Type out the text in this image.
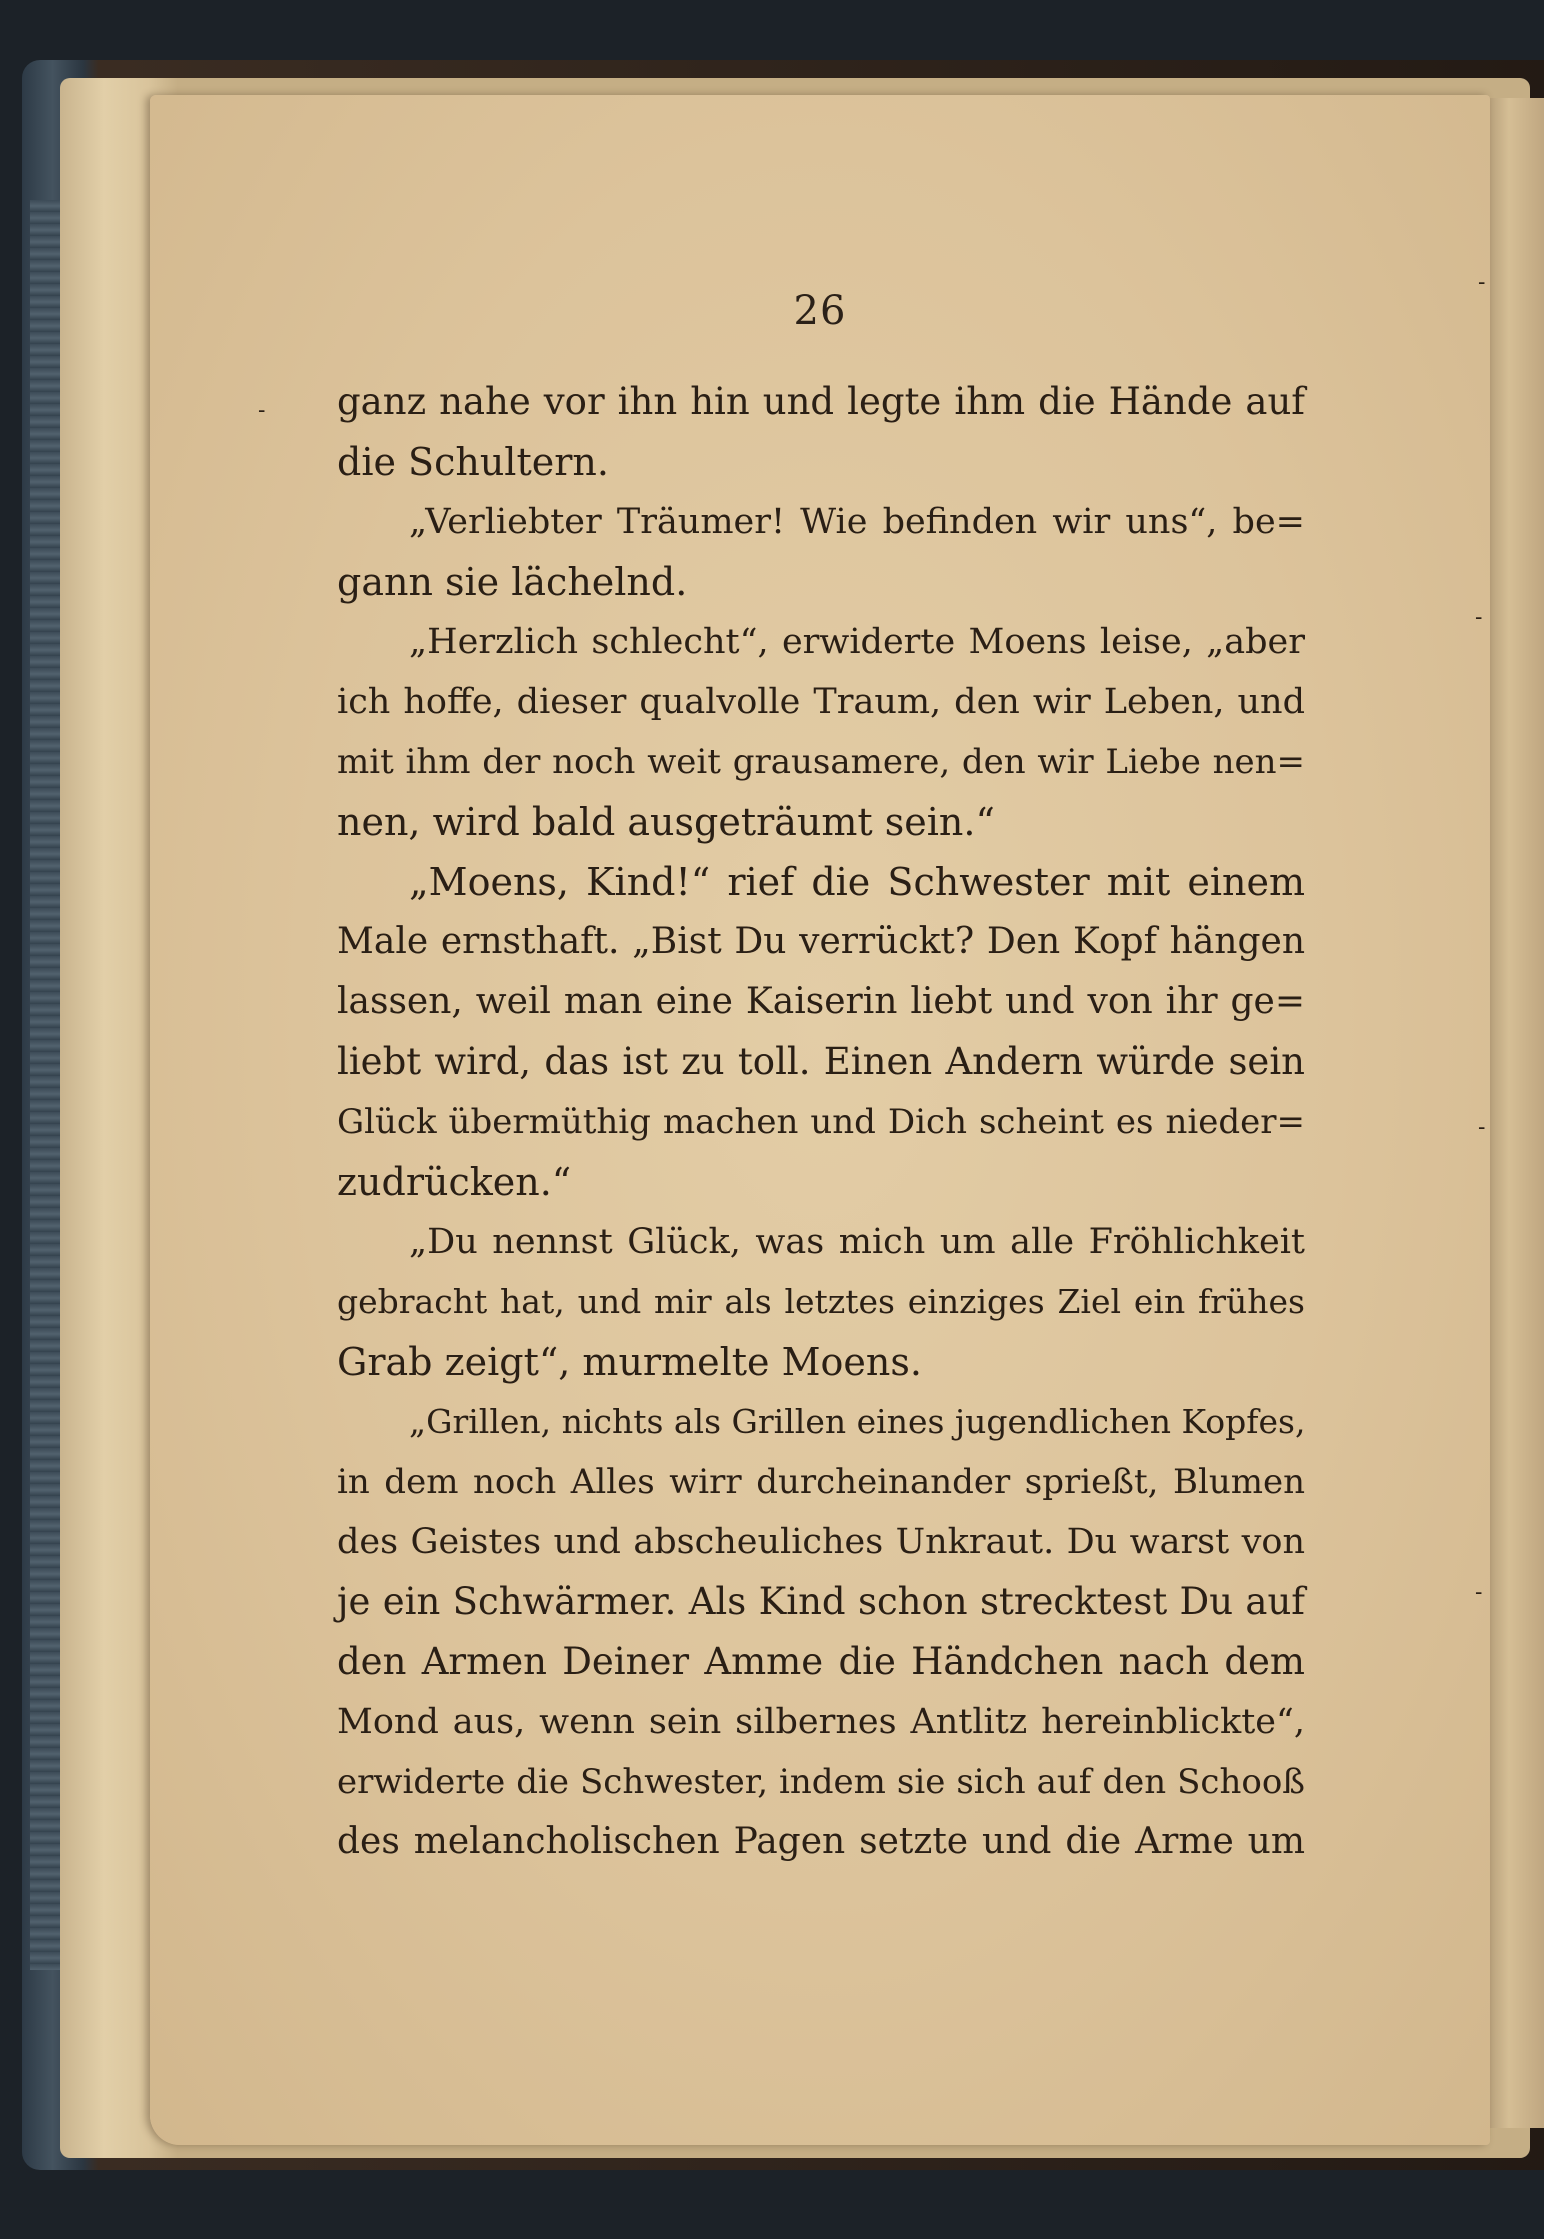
26
ganz nahe vor ihn hin und legte ihm die Hände auf
die Schultern.
„Verliebter Träumer! Wie befinden wir uns“, be=
gann sie lächelnd.
„Herzlich schlecht“, erwiderte Moens leise, „aber
ich hoffe, dieser qualvolle Traum, den wir Leben, und
mit ihm der noch weit grausamere, den wir Liebe nen=
nen, wird bald ausgeträumt sein.“
„Moens, Kind!“ rief die Schwester mit einem
Male ernsthaft. „Bist Du verrückt? Den Kopf hängen
lassen, weil man eine Kaiserin liebt und von ihr ge=
liebt wird, das ist zu toll. Einen Andern würde sein
Glück übermüthig machen und Dich scheint es nieder=
zudrücken.“
„Du nennst Glück, was mich um alle Fröhlichkeit
gebracht hat, und mir als letztes einziges Ziel ein frühes
Grab zeigt“, murmelte Moens.
„Grillen, nichts als Grillen eines jugendlichen Kopfes,
in dem noch Alles wirr durcheinander sprießt, Blumen
des Geistes und abscheuliches Unkraut. Du warst von
je ein Schwärmer. Als Kind schon strecktest Du auf
den Armen Deiner Amme die Händchen nach dem
Mond aus, wenn sein silbernes Antlitz hereinblickte“,
erwiderte die Schwester, indem sie sich auf den Schooß
des melancholischen Pagen setzte und die Arme um
-
-
-
-
-
